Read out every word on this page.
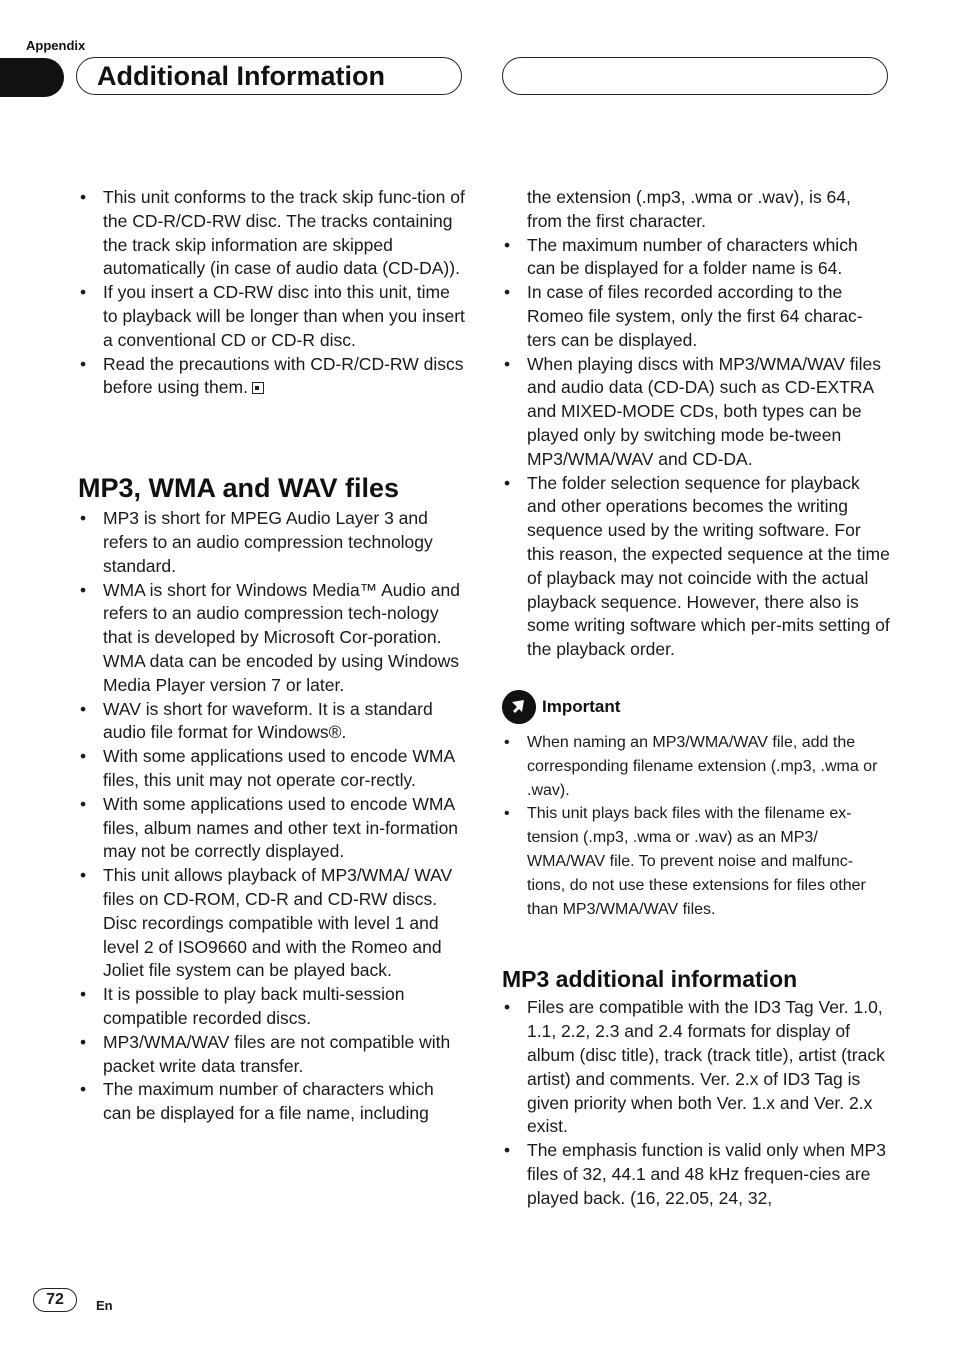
Appendix
Additional Information
• This unit conforms to the track skip func-tion of the CD-R/CD-RW disc. The tracks containing the track skip information are skipped automatically (in case of audio data (CD-DA)).
• If you insert a CD-RW disc into this unit, time to playback will be longer than when you insert a conventional CD or CD-R disc.
• Read the precautions with CD-R/CD-RW discs before using them.
MP3, WMA and WAV files
• MP3 is short for MPEG Audio Layer 3 and refers to an audio compression technology standard.
• WMA is short for Windows Media™ Audio and refers to an audio compression tech-nology that is developed by Microsoft Cor-poration. WMA data can be encoded by using Windows Media Player version 7 or later.
• WAV is short for waveform. It is a standard audio file format for Windows®.
• With some applications used to encode WMA files, this unit may not operate cor-rectly.
• With some applications used to encode WMA files, album names and other text in-formation may not be correctly displayed.
• This unit allows playback of MP3/WMA/ WAV files on CD-ROM, CD-R and CD-RW discs. Disc recordings compatible with level 1 and level 2 of ISO9660 and with the Romeo and Joliet file system can be played back.
• It is possible to play back multi-session compatible recorded discs.
• MP3/WMA/WAV files are not compatible with packet write data transfer.
• The maximum number of characters which can be displayed for a file name, including
the extension (.mp3, .wma or .wav), is 64, from the first character.
• The maximum number of characters which can be displayed for a folder name is 64.
• In case of files recorded according to the Romeo file system, only the first 64 charac-ters can be displayed.
• When playing discs with MP3/WMA/WAV files and audio data (CD-DA) such as CD-EXTRA and MIXED-MODE CDs, both types can be played only by switching mode be-tween MP3/WMA/WAV and CD-DA.
• The folder selection sequence for playback and other operations becomes the writing sequence used by the writing software. For this reason, the expected sequence at the time of playback may not coincide with the actual playback sequence. However, there also is some writing software which per-mits setting of the playback order.
Important
• When naming an MP3/WMA/WAV file, add the corresponding filename extension (.mp3, .wma or .wav).
• This unit plays back files with the filename ex-tension (.mp3, .wma or .wav) as an MP3/ WMA/WAV file. To prevent noise and malfunc-tions, do not use these extensions for files other than MP3/WMA/WAV files.
MP3 additional information
• Files are compatible with the ID3 Tag Ver. 1.0, 1.1, 2.2, 2.3 and 2.4 formats for display of album (disc title), track (track title), artist (track artist) and comments. Ver. 2.x of ID3 Tag is given priority when both Ver. 1.x and Ver. 2.x exist.
• The emphasis function is valid only when MP3 files of 32, 44.1 and 48 kHz frequen-cies are played back. (16, 22.05, 24, 32,
72	En
